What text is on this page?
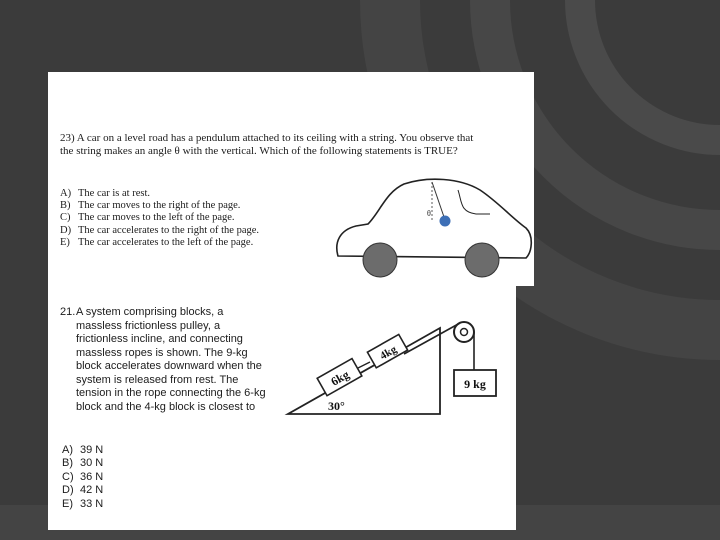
23) A car on a level road has a pendulum attached to its ceiling with a string. You observe that the string makes an angle θ with the vertical. Which of the following statements is TRUE?

A) The car is at rest.
B) The car moves to the right of the page.
C) The car moves to the left of the page.
D) The car accelerates to the right of the page.
E) The car accelerates to the left of the page.
θ
21. A system comprising blocks, a massless frictionless pulley, a frictionless incline, and connecting massless ropes is shown. The 9-kg block accelerates downward when the system is released from rest. The tension in the rope connecting the 6-kg block and the 4-kg block is closest to
A) 39 N
B) 30 N
C) 36 N
D) 42 N
E) 33 N
6kg
4kg
9 kg
30°
